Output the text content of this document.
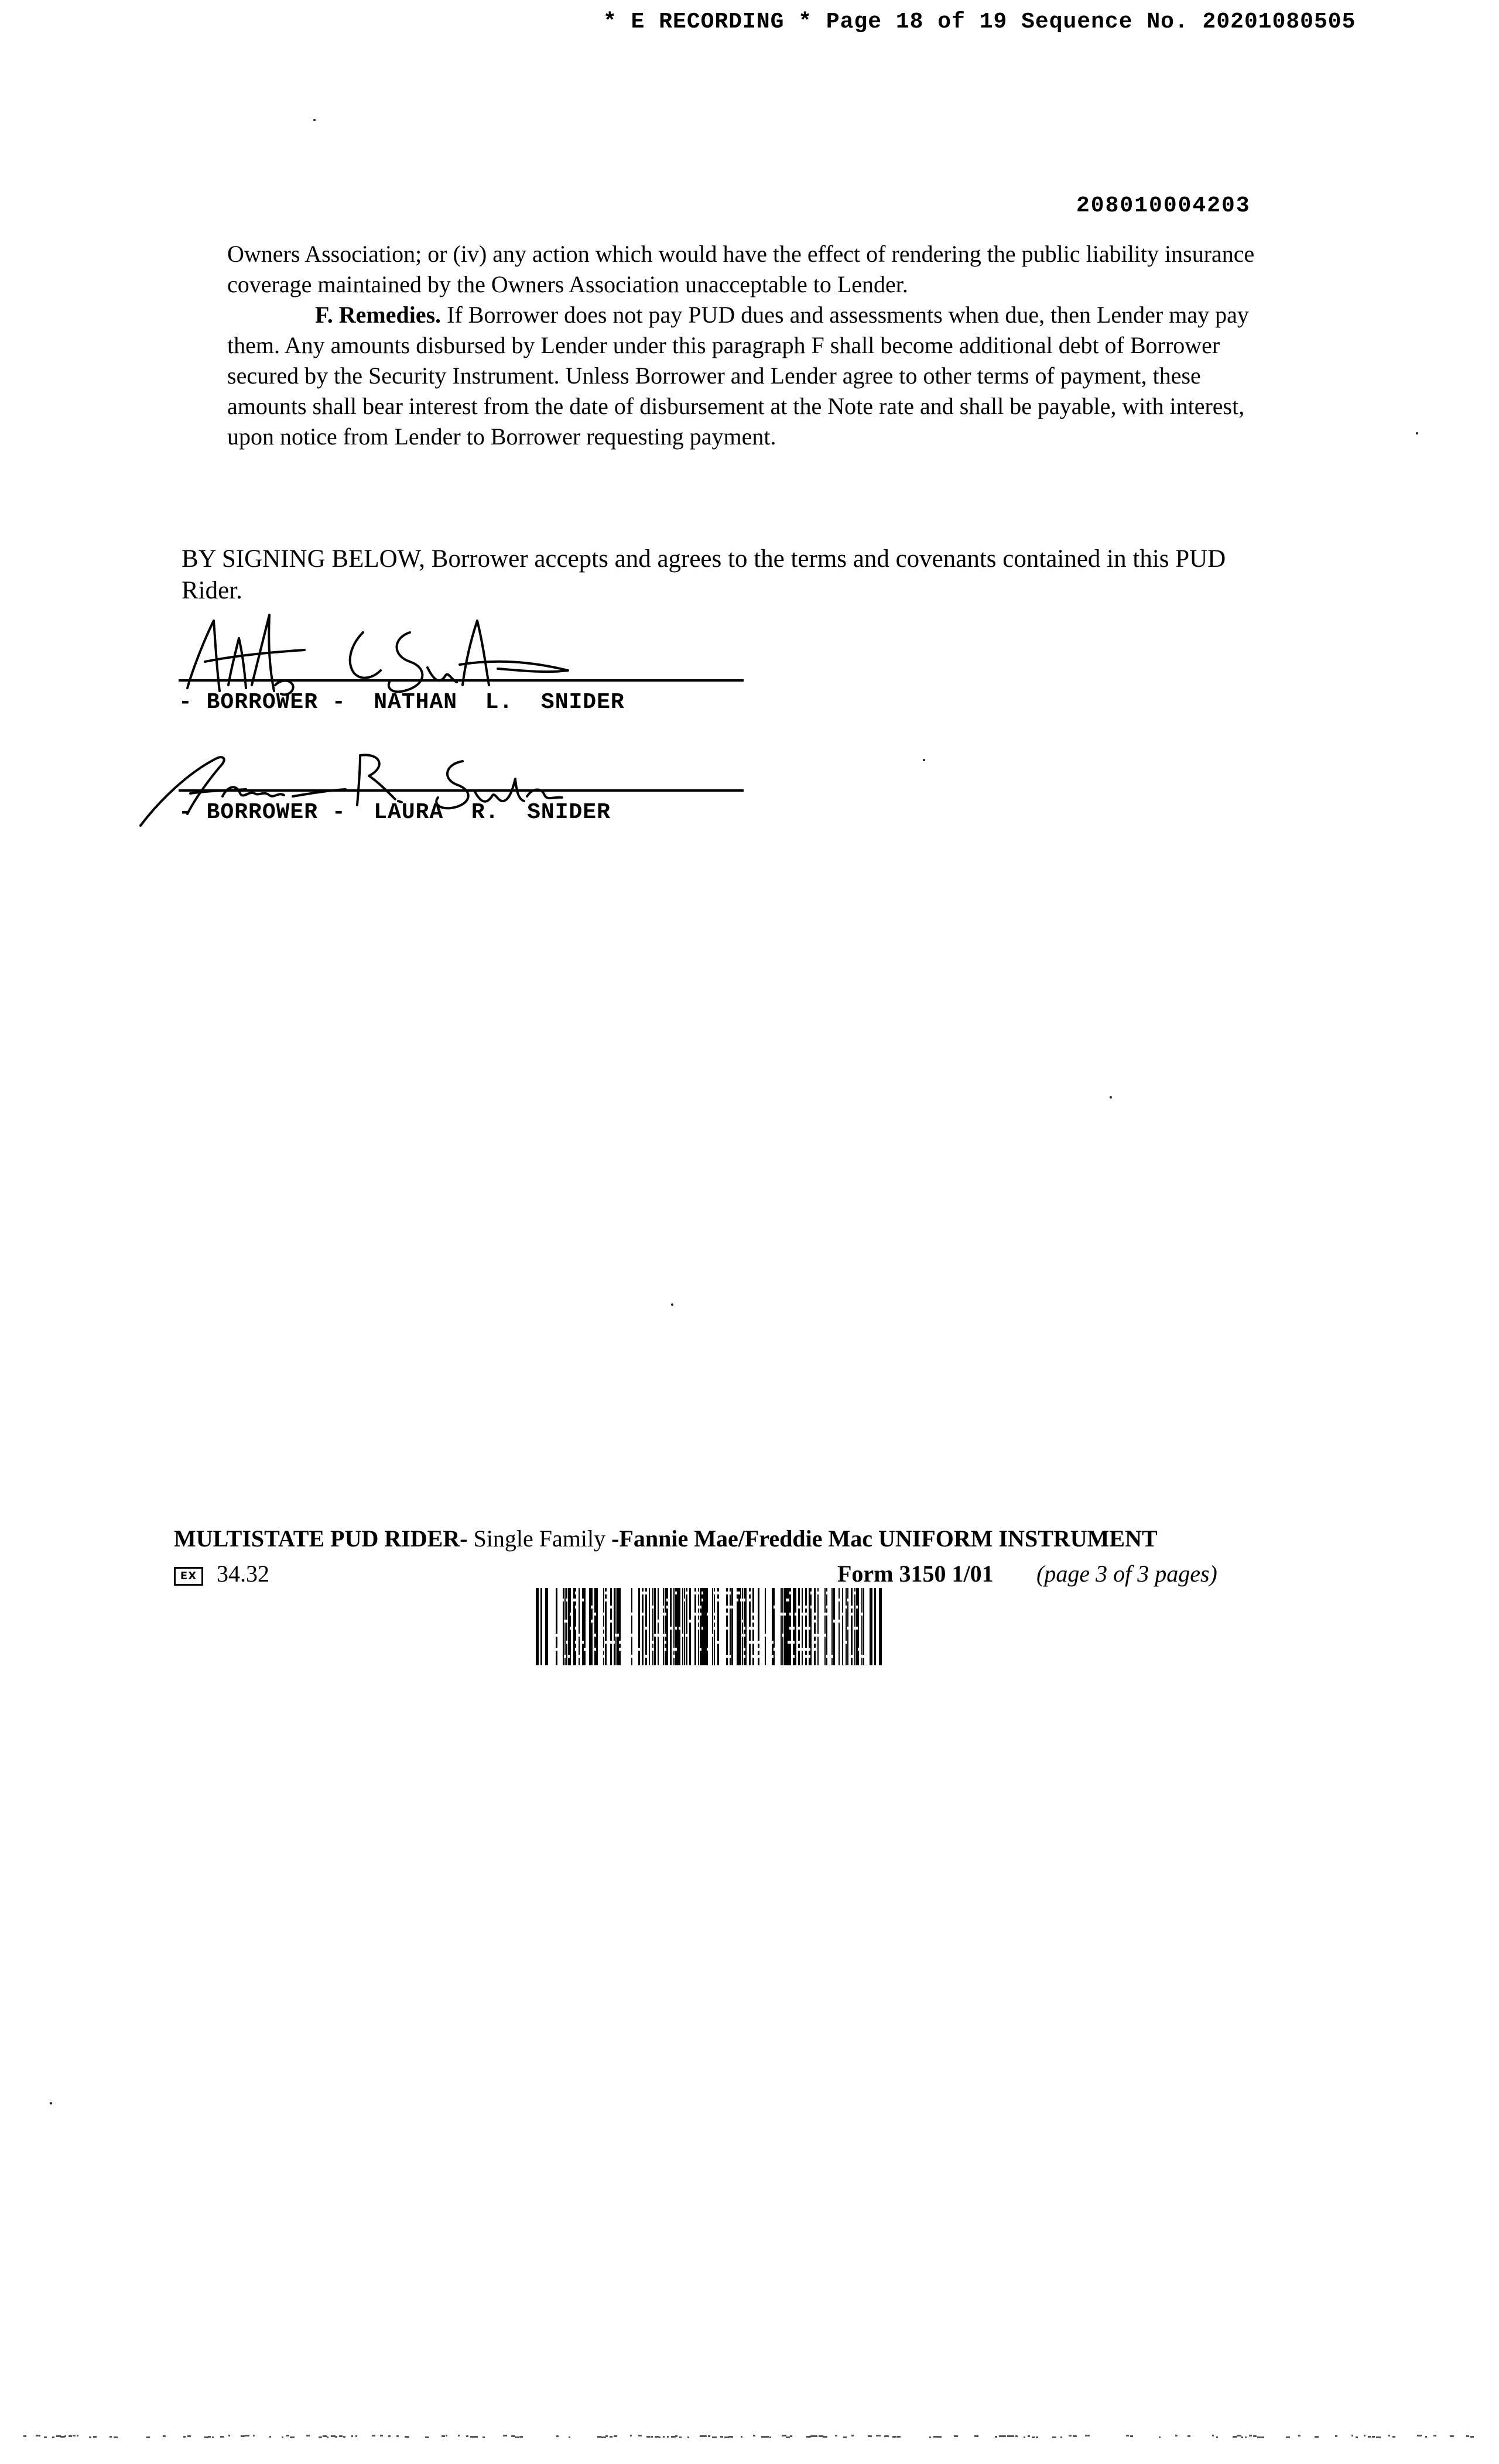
* E RECORDING * Page 18 of 19 Sequence No. 20201080505
208010004203

Owners Association; or (iv) any action which would have the effect of rendering the public liability insurance coverage maintained by the Owners Association unacceptable to Lender.

F. Remedies. If Borrower does not pay PUD dues and assessments when due, then Lender may pay them. Any amounts disbursed by Lender under this paragraph F shall become additional debt of Borrower secured by the Security Instrument. Unless Borrower and Lender agree to other terms of payment, these amounts shall bear interest from the date of disbursement at the Note rate and shall be payable, with interest, upon notice from Lender to Borrower requesting payment.

BY SIGNING BELOW, Borrower accepts and agrees to the terms and covenants contained in this PUD Rider.

- BORROWER -  NATHAN  L.  SNIDER
- BORROWER -  LAURA  R.  SNIDER
MULTISTATE PUD RIDER- Single Family -Fannie Mae/Freddie Mac UNIFORM INSTRUMENT
EX 34.32	Form 3150 1/01 (page 3 of 3 pages)
